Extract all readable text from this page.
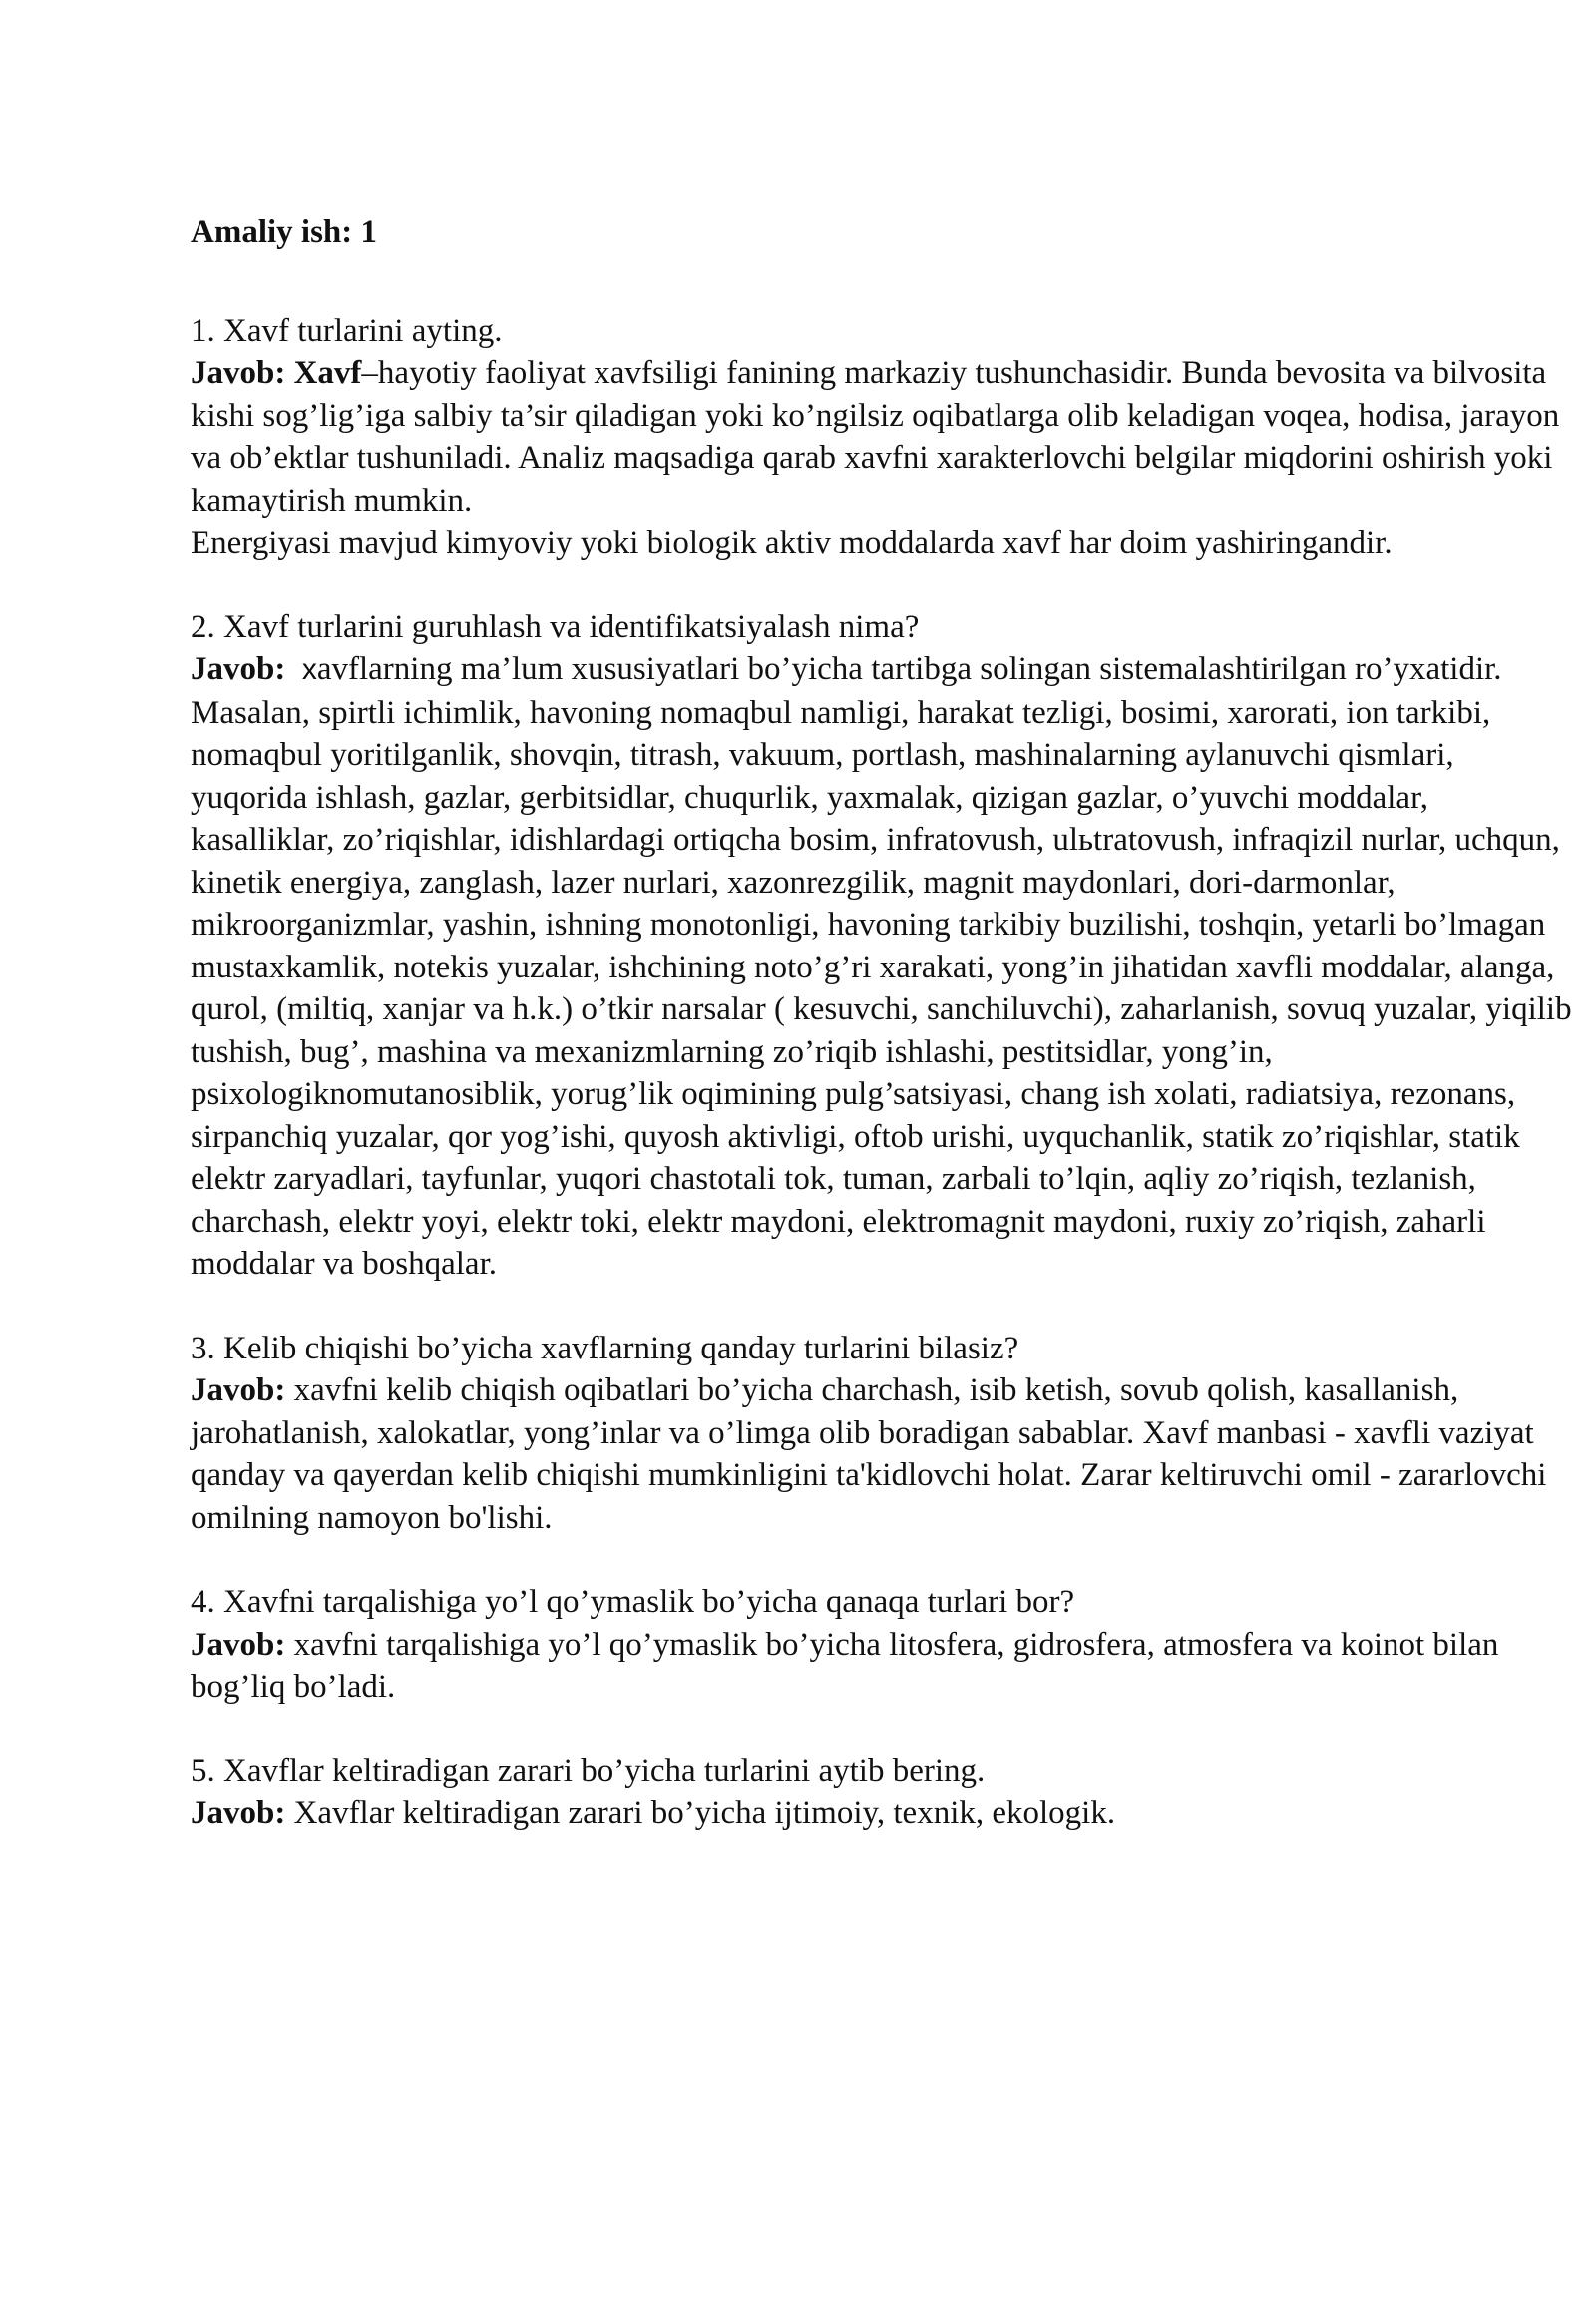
Amaliy ish: 1

1. Xavf turlarini ayting.

Javob: Xavf–hayotiy faoliyat xavfsiligi fanining markaziy tushunchasidir. Bunda bevosita va bilvosita kishi sog’lig’iga salbiy ta’sir qiladigan yoki ko’ngilsiz oqibatlarga olib keladigan voqea, hodisa, jarayon va ob’ektlar tushuniladi. Analiz maqsadiga qarab xavfni xarakterlovchi belgilar miqdorini oshirish yoki kamaytirish mumkin.

Energiyasi mavjud kimyoviy yoki biologik aktiv moddalarda xavf har doim yashiringandir.

2. Xavf turlarini guruhlash va identifikatsiyalash nima?

Javob: xavflarning ma’lum xususiyatlari bo’yicha tartibga solingan sistemalashtirilgan ro’yxatidir. Masalan, spirtli ichimlik, havoning nomaqbul namligi, harakat tezligi, bosimi, xarorati, ion tarkibi, nomaqbul yoritilganlik, shovqin, titrash, vakuum, portlash, mashinalarning aylanuvchi qismlari, yuqorida ishlash, gazlar, gerbitsidlar, chuqurlik, yaxmalak, qizigan gazlar, o’yuvchi moddalar, kasalliklar, zo’riqishlar, idishlardagi ortiqcha bosim, infratovush, ulьtratovush, infraqizil nurlar, uchqun, kinetik energiya, zanglash, lazer nurlari, xazonrezgilik, magnit maydonlari, dori-darmonlar, mikroorganizmlar, yashin, ishning monotonligi, havoning tarkibiy buzilishi, toshqin, yetarli bo’lmagan mustaxkamlik, notekis yuzalar, ishchining noto’g’ri xarakati, yong’in jihatidan xavfli moddalar, alanga, qurol, (miltiq, xanjar va h.k.) o’tkir narsalar ( kesuvchi, sanchiluvchi), zaharlanish, sovuq yuzalar, yiqilib tushish, bug’, mashina va mexanizmlarning zo’riqib ishlashi, pestitsidlar, yong’in, psixologiknomutanosiblik, yorug’lik oqimining pulg’satsiyasi, chang ish xolati, radiatsiya, rezonans, sirpanchiq yuzalar, qor yog’ishi, quyosh aktivligi, oftob urishi, uyquchanlik, statik zo’riqishlar, statik elektr zaryadlari, tayfunlar, yuqori chastotali tok, tuman, zarbali to’lqin, aqliy zo’riqish, tezlanish, charchash, elektr yoyi, elektr toki, elektr maydoni, elektromagnit maydoni, ruxiy zo’riqish, zaharli moddalar va boshqalar.

3. Kelib chiqishi bo’yicha xavflarning qanday turlarini bilasiz?

Javob: xavfni kelib chiqish oqibatlari bo’yicha charchash, isib ketish, sovub qolish, kasallanish, jarohatlanish, xalokatlar, yong’inlar va o’limga olib boradigan sabablar. Xavf manbasi - xavfli vaziyat qanday va qayerdan kelib chiqishi mumkinligini ta'kidlovchi holat. Zarar keltiruvchi omil - zararlovchi omilning namoyon bo'lishi.

4. Xavfni tarqalishiga yo’l qo’ymaslik bo’yicha qanaqa turlari bor?

Javob: xavfni tarqalishiga yo’l qo’ymaslik bo’yicha litosfera, gidrosfera, atmosfera va koinot bilan bog’liq bo’ladi.

5. Xavflar keltiradigan zarari bo’yicha turlarini aytib bering.

Javob: Xavflar keltiradigan zarari bo’yicha ijtimoiy, texnik, ekologik.
